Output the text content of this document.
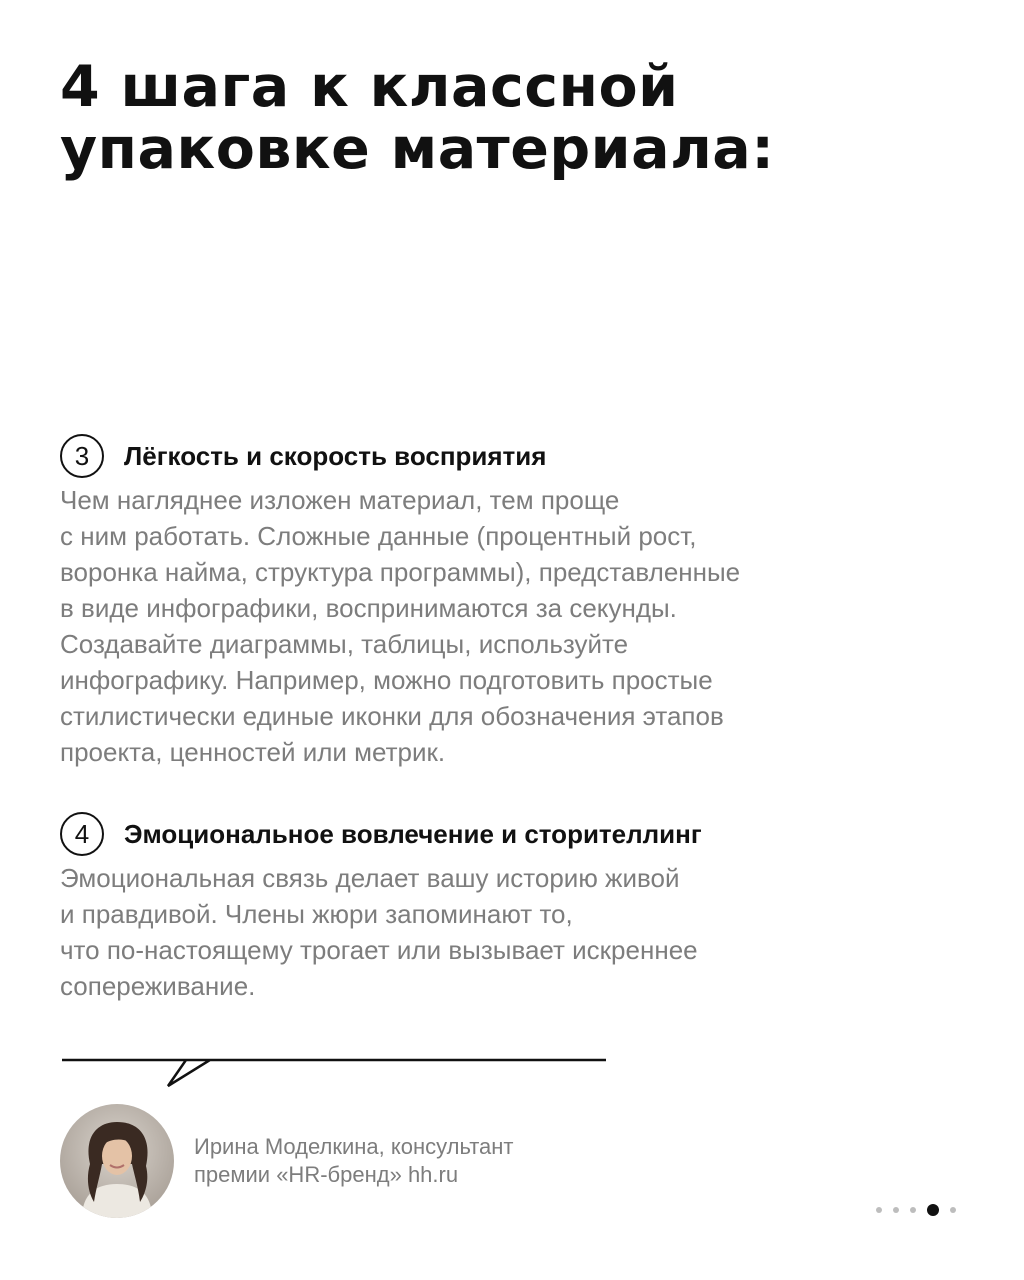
4 шага к классной
упаковке материала:
3	Лёгкость и скорость восприятия
Чем нагляднее изложен материал, тем проще
с ним работать. Сложные данные (процентный рост,
воронка найма, структура программы), представленные
в виде инфографики, воспринимаются за секунды.
Создавайте диаграммы, таблицы, используйте
инфографику. Например, можно подготовить простые
стилистически единые иконки для обозначения этапов
проекта, ценностей или метрик.
4	Эмоциональное вовлечение и сторителлинг
Эмоциональная связь делает вашу историю живой
и правдивой. Члены жюри запоминают то,
что по-настоящему трогает или вызывает искреннее
сопереживание.
Ирина Моделкина, консультант
премии «HR-бренд» hh.ru
